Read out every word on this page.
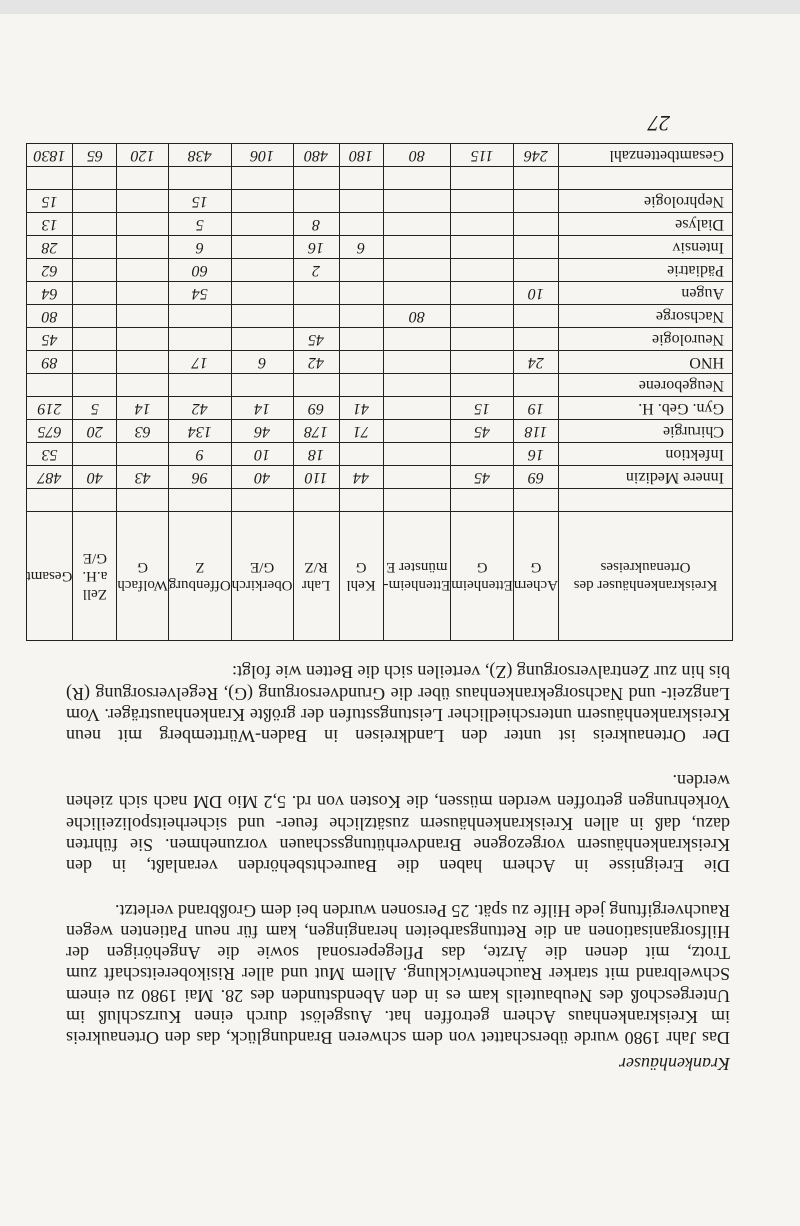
27
Krankenhäuser

Das Jahr 1980 wurde überschattet von dem schweren Brandunglück, das den Ortenaukreis im Kreiskrankenhaus Achern getroffen hat. Ausgelöst durch einen Kurzschluß im Untergeschoß des Neubauteils kam es in den Abendstunden des 28. Mai 1980 zu einem Schwelbrand mit starker Rauchentwicklung. Allem Mut und aller Risikobereitschaft zum Trotz, mit denen die Ärzte, das Pflegepersonal sowie die Angehörigen der Hilfsorganisationen an die Rettungsarbeiten herangingen, kam für neun Patienten wegen Rauchvergiftung jede Hilfe zu spät. 25 Personen wurden bei dem Großbrand verletzt.

Die Ereignisse in Achern haben die Baurechtsbehörden veranlaßt, in den Kreiskrankenhäusern vorgezogene Brandverhütungsschauen vorzunehmen. Sie führten dazu, daß in allen Kreiskrankenhäusern zusätzliche feuer- und sicherheitspolizeiliche Vorkehrungen getroffen werden müssen, die Kosten von rd. 5,2 Mio DM nach sich ziehen werden.

Der Ortenaukreis ist unter den Landkreisen in Baden-Württemberg mit neun Kreiskrankenhäusern unterschiedlicher Leistungsstufen der größte Krankenhausträger. Vom Langzeit- und Nachsorgekrankenhaus über die Grundversorgung (G), Regelversorgung (R) bis hin zur Zentralversorgung (Z), verteilen sich die Betten wie folgt:

Kreiskrankenhäuser des Ortenaukreises	Achern G	Ettenheim G	Ettenheim-münster E	Kehl G	Lahr R/Z	Oberkirch G/E	Offenburg Z	Wolfach G	Zell a.H. G/E	Gesamt

Innere Medizin	69	45		44	110	40	96	43	40	487
Infektion	16				18	10	9			53
Chirurgie	118	45		71	178	46	134	63	20	675
Gyn. Geb. H.	19	15		41	69	14	42	14	5	219
Neugeborene										
HNO	24				42	6	17			89
Neurologie					45					45
Nachsorge			80							80
Augen	10						54			64
Pädiatrie					2		60			62
Intensiv				6	16		6			28
Dialyse					8		5			13
Nephrologie							15			15

Gesamtbettenzahl	246	115	80	180	480	106	438	120	65	1830
